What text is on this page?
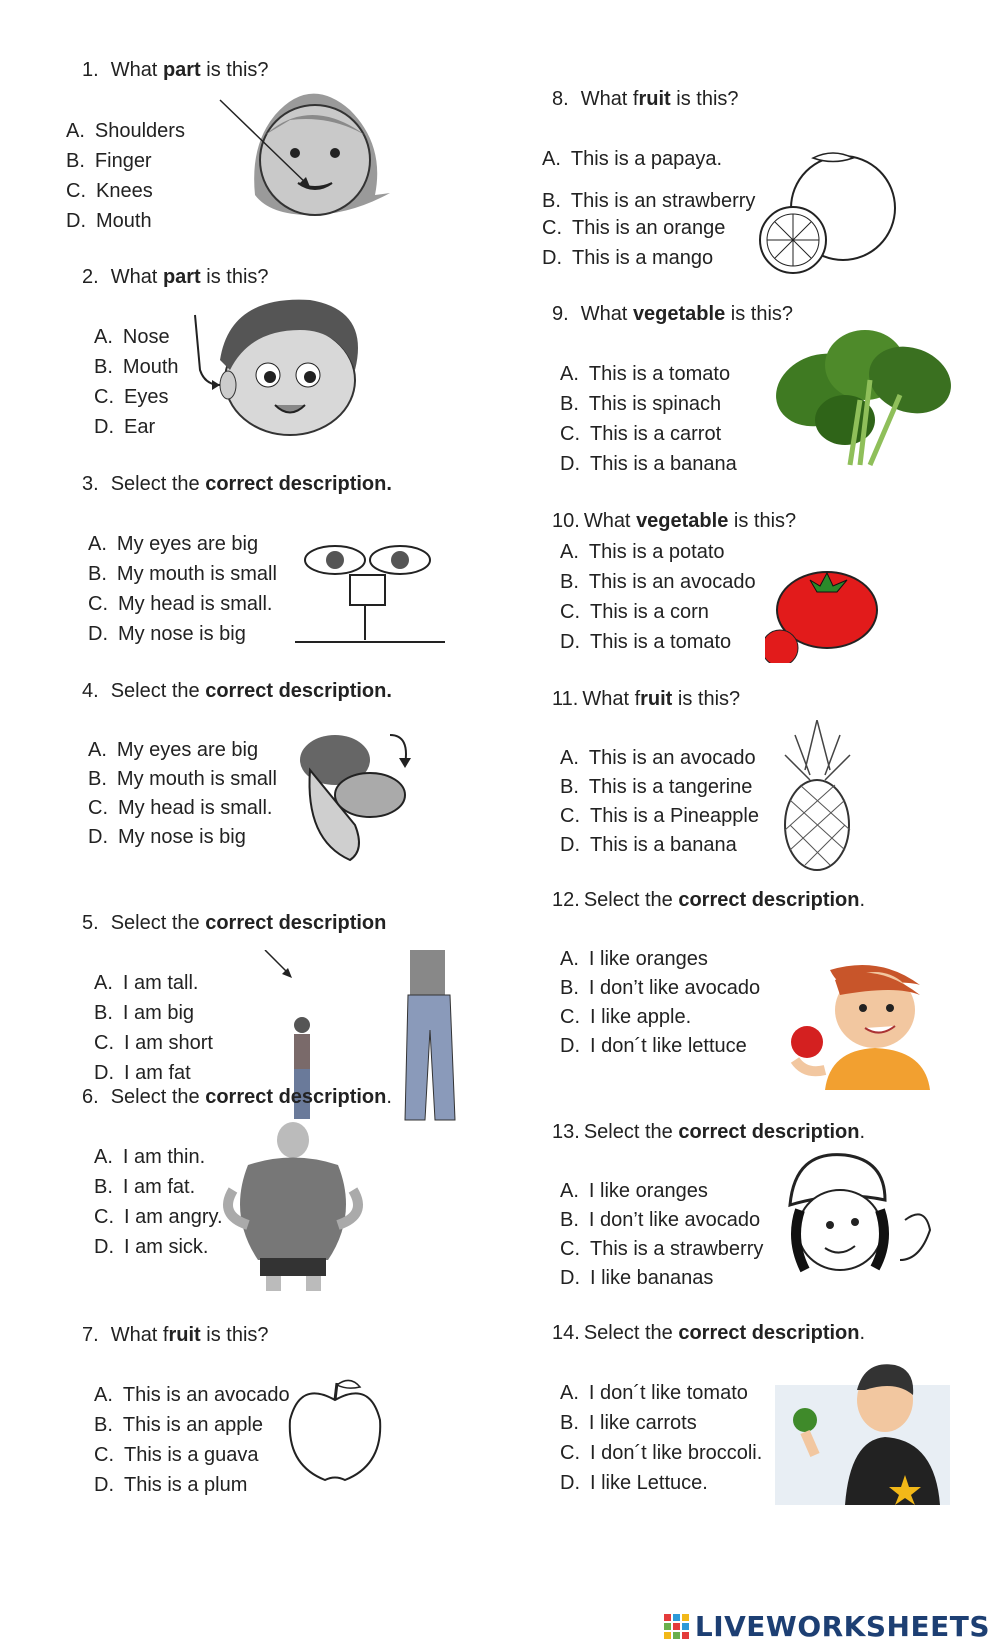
1. What part is this?
A. Shoulders
B. Finger
C. Knees
D. Mouth
2. What part is this?
A. Nose
B. Mouth
C. Eyes
D. Ear
3. Select the correct description.
A. My eyes are big
B. My mouth is small
C. My head is small.
D. My nose is big
4. Select the correct description.
A. My eyes are big
B. My mouth is small
C. My head is small.
D. My nose is big
5. Select the correct description
A. I am tall.
B. I am big
C. I am short
D. I am fat
6. Select the correct description.
A. I am thin.
B. I am fat.
C. I am angry.
D. I am sick.
7. What fruit is this?
A. This is an avocado
B. This is an apple
C. This is a guava
D. This is a plum
8. What fruit is this?
A. This is a papaya.
B. This is an strawberry
C. This is an orange
D. This is a mango
9. What vegetable is this?
A. This is a tomato
B. This is spinach
C. This is a carrot
D. This is a banana
10. What vegetable is this?
A. This is a potato
B. This is an avocado
C. This is a corn
D. This is a tomato
11. What fruit is this?
A. This is an avocado
B. This is a tangerine
C. This is a Pineapple
D. This is a banana
12. Select the correct description.
A. I like oranges
B. I don’t like avocado
C. I like apple.
D. I don´t like lettuce
13. Select the correct description.
A. I like oranges
B. I don’t like avocado
C. This is a strawberry
D. I like bananas
14. Select the correct description.
A. I don´t like tomato
B. I like carrots
C. I don´t like broccoli.
D. I like Lettuce.
LIVEWORKSHEETS
